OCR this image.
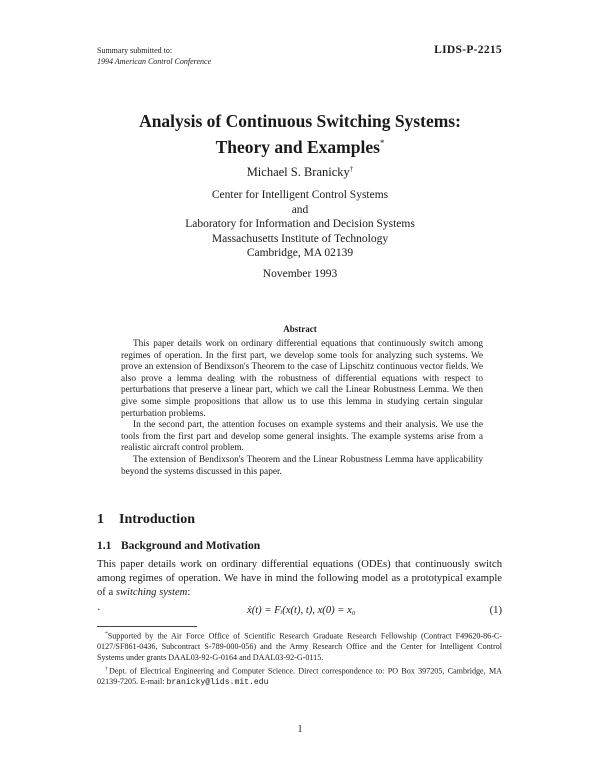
Summary submitted to:
1994 American Control Conference
LIDS-P-2215
Analysis of Continuous Switching Systems:
Theory and Examples*
Michael S. Branicky†
Center for Intelligent Control Systems
and
Laboratory for Information and Decision Systems
Massachusetts Institute of Technology
Cambridge, MA 02139
November 1993
Abstract

This paper details work on ordinary differential equations that continuously switch among regimes of operation. In the first part, we develop some tools for analyzing such systems. We prove an extension of Bendixson's Theorem to the case of Lipschitz continuous vector fields. We also prove a lemma dealing with the robustness of differential equations with respect to perturbations that preserve a linear part, which we call the Linear Robustness Lemma. We then give some simple propositions that allow us to use this lemma in studying certain singular perturbation problems.

In the second part, the attention focuses on example systems and their analysis. We use the tools from the first part and develop some general insights. The example systems arise from a realistic aircraft control problem.

The extension of Bendixson's Theorem and the Linear Robustness Lemma have applicability beyond the systems discussed in this paper.

1 Introduction
1.1 Background and Motivation

This paper details work on ordinary differential equations (ODEs) that continuously switch among regimes of operation. We have in mind the following model as a prototypical example of a switching system:

·	ẋ(t) = Fᵢ(x(t), t), x(0) = x₀	(1)

*Supported by the Air Force Office of Scientific Research Graduate Research Fellowship (Contract F49620-86-C-0127/SF861-0436, Subcontract S-789-000-056) and the Army Research Office and the Center for Intelligent Control Systems under grants DAAL03-92-G-0164 and DAAL03-92-G-0115.

†Dept. of Electrical Engineering and Computer Science. Direct correspondence to: PO Box 397205, Cambridge, MA 02139-7205. E-mail: branicky@lids.mit.edu

1
